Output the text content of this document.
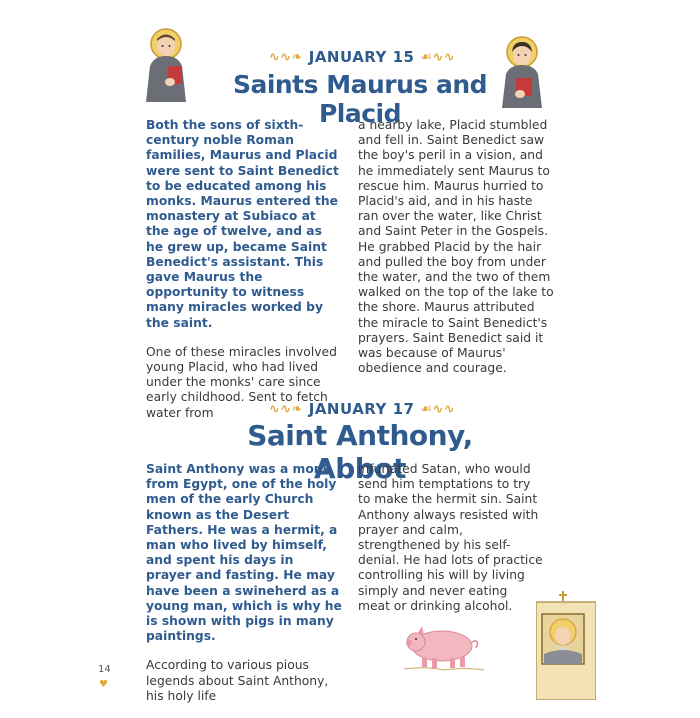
∿∿❧ JANUARY 15 ☙∿∿
Saints Maurus and Placid

Both the sons of sixth-century noble Roman families, Maurus and Placid were sent to Saint Benedict to be educated among his monks. Maurus entered the monastery at Subiaco at the age of twelve, and as he grew up, became Saint Benedict's assistant. This gave Maurus the opportunity to witness many miracles worked by the saint.

One of these miracles involved young Placid, who had lived under the monks' care since early childhood. Sent to fetch water from

a nearby lake, Placid stumbled and fell in. Saint Benedict saw the boy's peril in a vision, and he immediately sent Maurus to rescue him. Maurus hurried to Placid's aid, and in his haste ran over the water, like Christ and Saint Peter in the Gospels. He grabbed Placid by the hair and pulled the boy from under the water, and the two of them walked on the top of the lake to the shore. Maurus attributed the miracle to Saint Benedict's prayers. Saint Benedict said it was because of Maurus' obedience and courage.

∿∿❧ JANUARY 17 ☙∿∿
Saint Anthony, Abbot

Saint Anthony was a monk from Egypt, one of the holy men of the early Church known as the Desert Fathers. He was a hermit, a man who lived by himself, and spent his days in prayer and fasting. He may have been a swineherd as a young man, which is why he is shown with pigs in many paintings.

According to various pious legends about Saint Anthony, his holy life

infuriated Satan, who would send him temptations to try to make the hermit sin. Saint Anthony always resisted with prayer and calm, strengthened by his self-denial. He had lots of practice controlling his will by living simply and never eating meat or drinking alcohol.

14
♥
